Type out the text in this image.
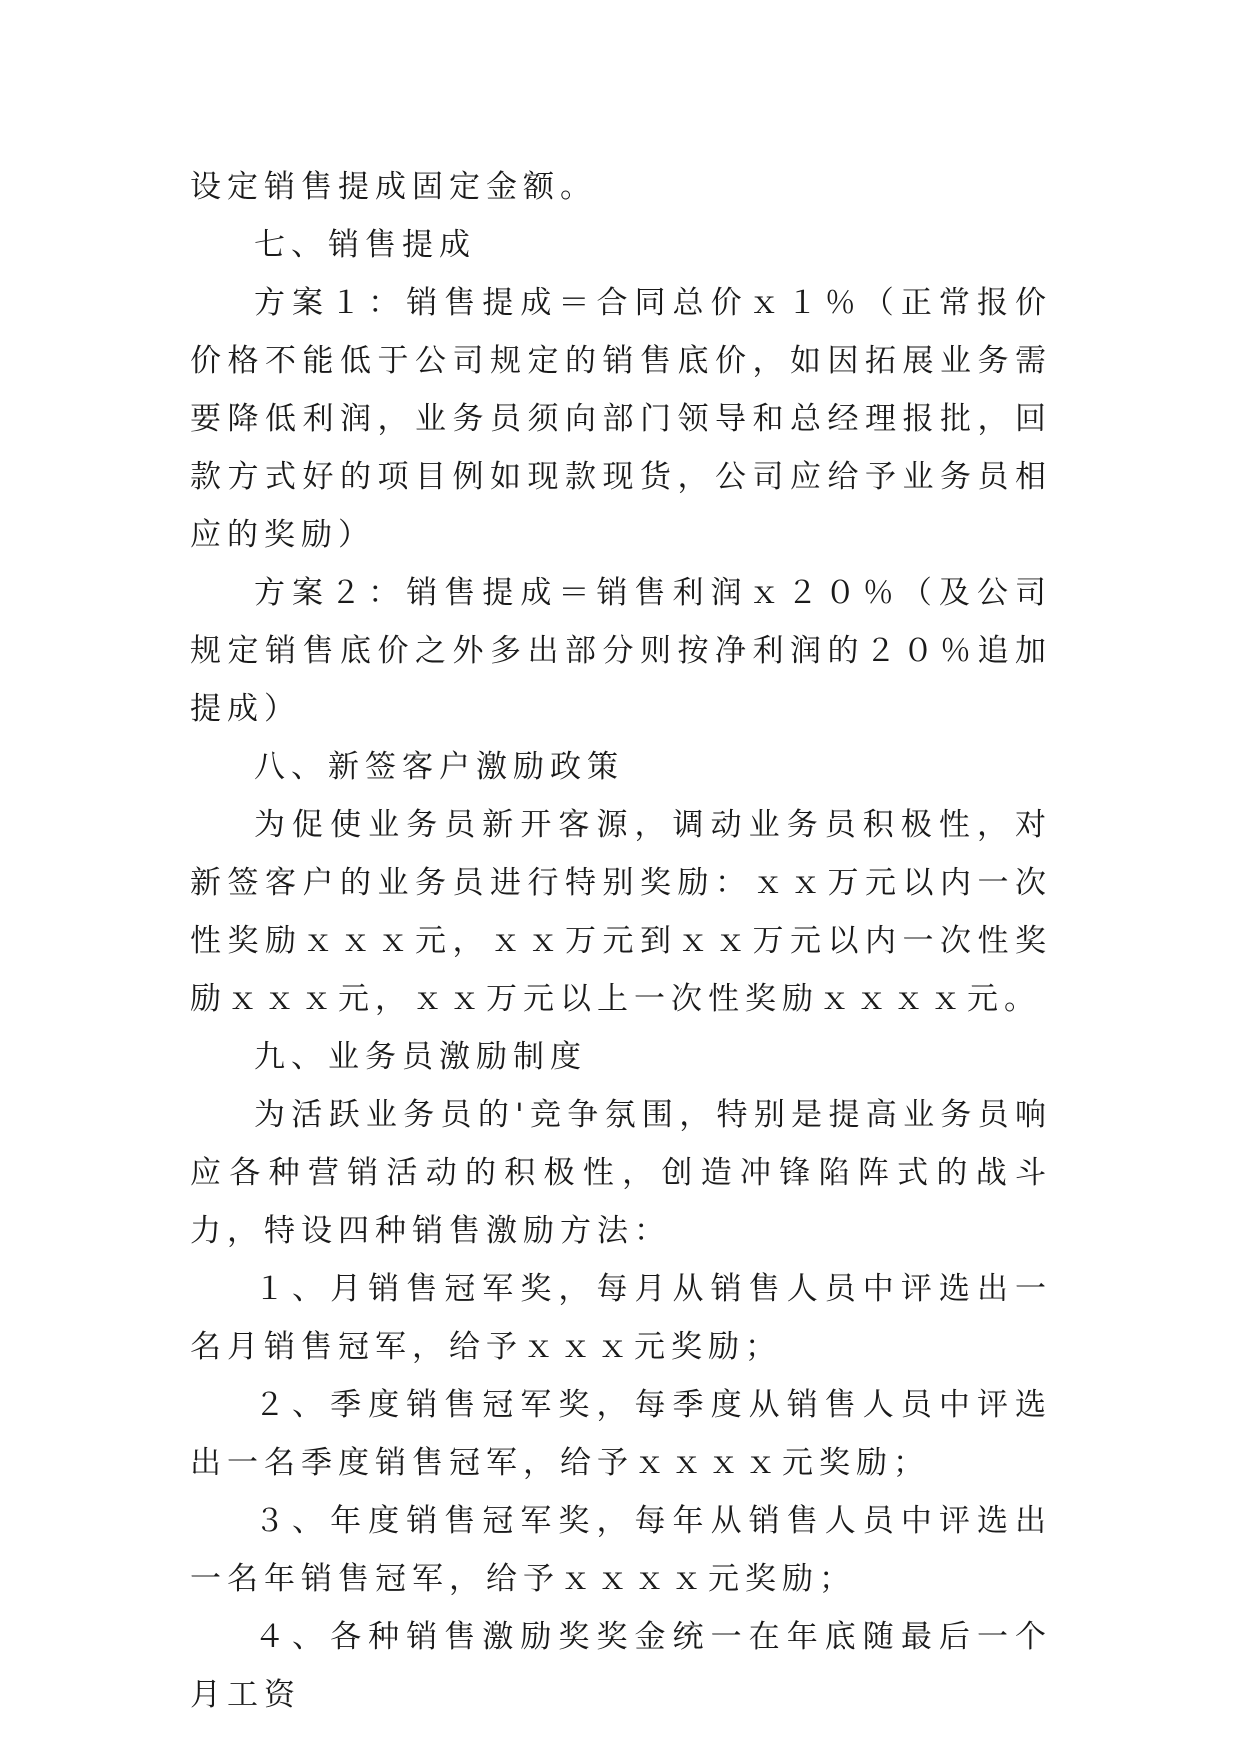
设定销售提成固定金额。

七、销售提成

方案１：销售提成＝合同总价ｘ１％（正常报价价格不能低于公司规定的销售底价，如因拓展业务需要降低利润，业务员须向部门领导和总经理报批，回款方式好的项目例如现款现货，公司应给予业务员相应的奖励）

方案２：销售提成＝销售利润ｘ２０％（及公司规定销售底价之外多出部分则按净利润的２０％追加提成）

八、新签客户激励政策

为促使业务员新开客源，调动业务员积极性，对新签客户的业务员进行特别奖励：ｘｘ万元以内一次性奖励ｘｘｘ元，ｘｘ万元到ｘｘ万元以内一次性奖励ｘｘｘ元，ｘｘ万元以上一次性奖励ｘｘｘｘ元。

九、业务员激励制度

为活跃业务员的'竞争氛围，特别是提高业务员响应各种营销活动的积极性，创造冲锋陷阵式的战斗力，特设四种销售激励方法：

１、月销售冠军奖，每月从销售人员中评选出一名月销售冠军，给予ｘｘｘ元奖励；

２、季度销售冠军奖，每季度从销售人员中评选出一名季度销售冠军，给予ｘｘｘｘ元奖励；

３、年度销售冠军奖，每年从销售人员中评选出一名年销售冠军，给予ｘｘｘｘ元奖励；

４、各种销售激励奖奖金统一在年底随最后一个月工资
